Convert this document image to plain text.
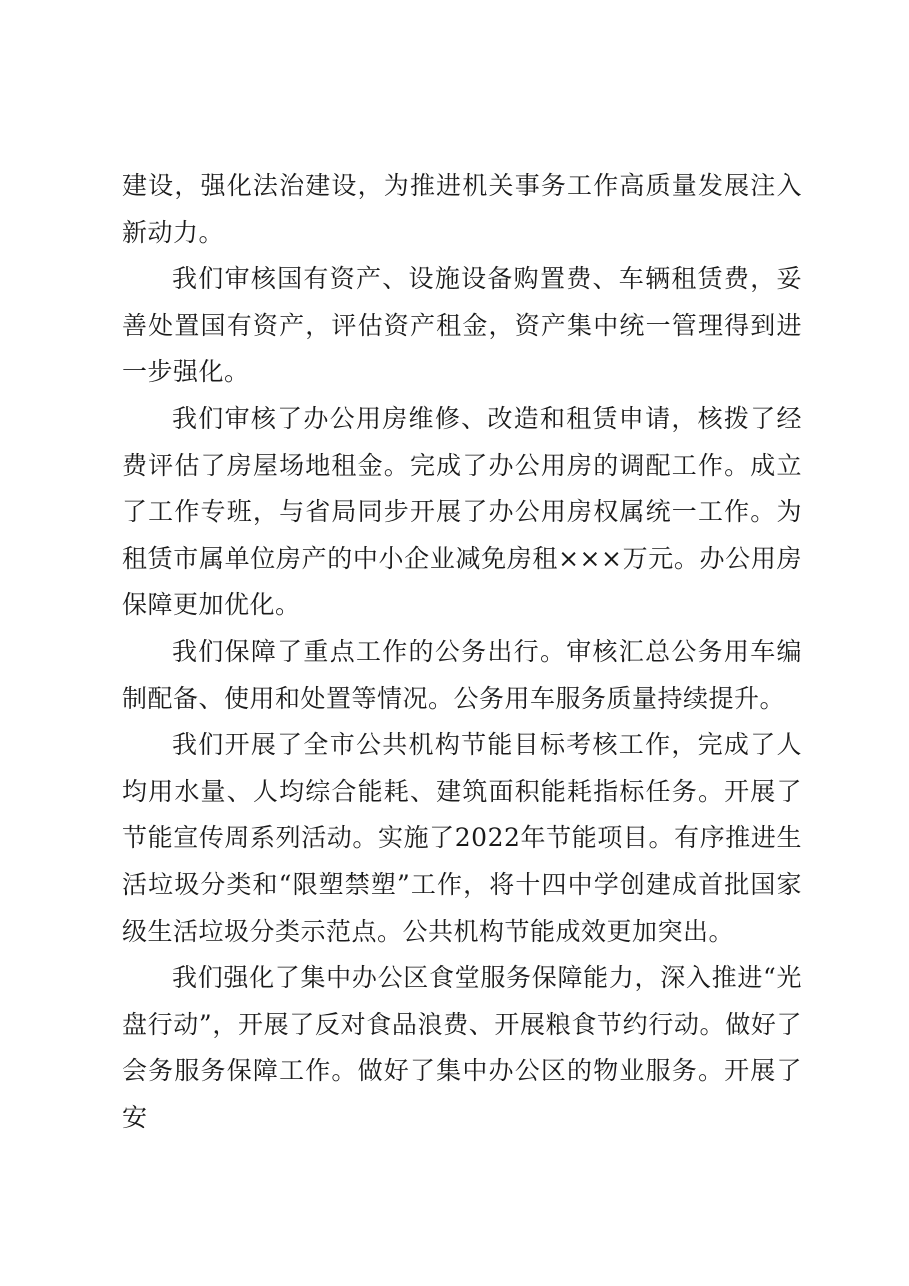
建设，强化法治建设，为推进机关事务工作高质量发展注入新动力。

我们审核国有资产、设施设备购置费、车辆租赁费，妥善处置国有资产，评估资产租金，资产集中统一管理得到进一步强化。

我们审核了办公用房维修、改造和租赁申请，核拨了经费评估了房屋场地租金。完成了办公用房的调配工作。成立了工作专班，与省局同步开展了办公用房权属统一工作。为租赁市属单位房产的中小企业减免房租×××万元。办公用房保障更加优化。

我们保障了重点工作的公务出行。审核汇总公务用车编制配备、使用和处置等情况。公务用车服务质量持续提升。

我们开展了全市公共机构节能目标考核工作，完成了人均用水量、人均综合能耗、建筑面积能耗指标任务。开展了节能宣传周系列活动。实施了2022年节能项目。有序推进生活垃圾分类和“限塑禁塑”工作，将十四中学创建成首批国家级生活垃圾分类示范点。公共机构节能成效更加突出。

我们强化了集中办公区食堂服务保障能力，深入推进“光盘行动”，开展了反对食品浪费、开展粮食节约行动。做好了会务服务保障工作。做好了集中办公区的物业服务。开展了安
